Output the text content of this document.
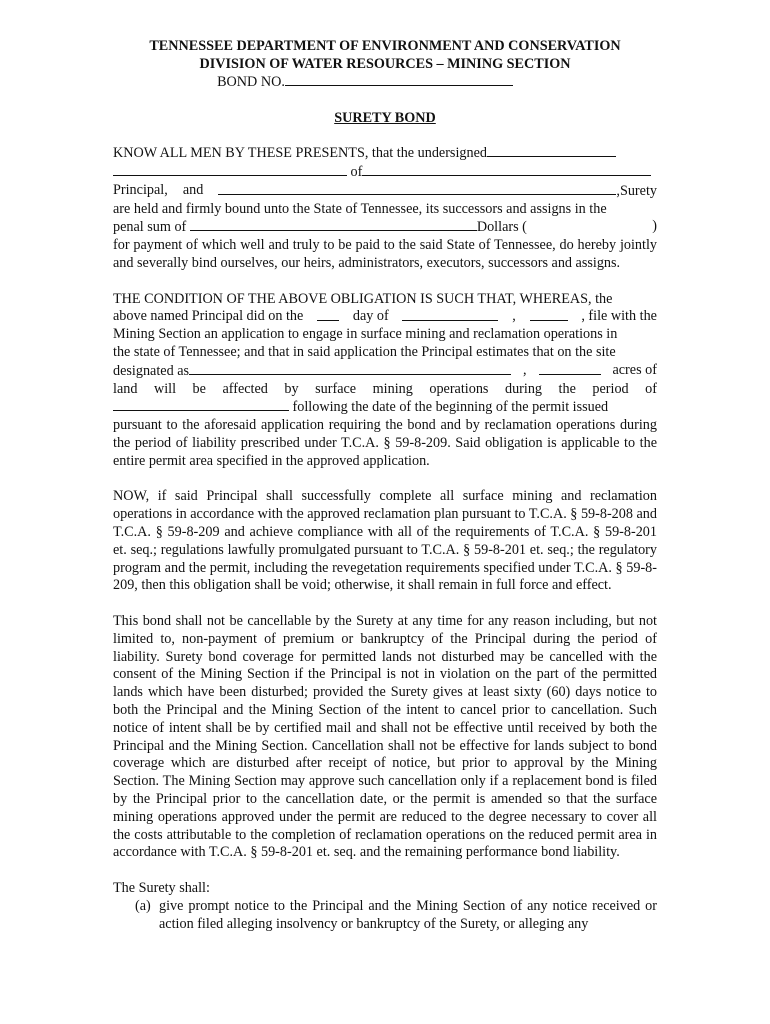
TENNESSEE DEPARTMENT OF ENVIRONMENT AND CONSERVATION
DIVISION OF WATER RESOURCES – MINING SECTION
BOND NO.
SURETY BOND

KNOW ALL MEN BY THESE PRESENTS, that the undersigned
of
Principal, and	,Surety
are held and firmly bound unto the State of Tennessee, its successors and assigns in the
penal sum of	Dollars (	)
for payment of which well and truly to be paid to the said State of Tennessee, do hereby jointly and severally bind ourselves, our heirs, administrators, executors, successors and assigns.

THE CONDITION OF THE ABOVE OBLIGATION IS SUCH THAT, WHEREAS, the
above named Principal did on the	day of	,	, file with the
Mining Section an application to engage in surface mining and reclamation operations in
the state of Tennessee; and that in said application the Principal estimates that on the site
designated as	,	acres of
land will be affected by surface mining operations during the period of
following the date of the beginning of the permit issued
pursuant to the aforesaid application requiring the bond and by reclamation operations during the period of liability prescribed under T.C.A. § 59-8-209. Said obligation is applicable to the entire permit area specified in the approved application.

NOW, if said Principal shall successfully complete all surface mining and reclamation operations in accordance with the approved reclamation plan pursuant to T.C.A. § 59-8-208 and T.C.A. § 59-8-209 and achieve compliance with all of the requirements of T.C.A. § 59-8-201 et. seq.; regulations lawfully promulgated pursuant to T.C.A. § 59-8-201 et. seq.; the regulatory program and the permit, including the revegetation requirements specified under T.C.A. § 59-8-209, then this obligation shall be void; otherwise, it shall remain in full force and effect.

This bond shall not be cancellable by the Surety at any time for any reason including, but not limited to, non-payment of premium or bankruptcy of the Principal during the period of liability. Surety bond coverage for permitted lands not disturbed may be cancelled with the consent of the Mining Section if the Principal is not in violation on the part of the permitted lands which have been disturbed; provided the Surety gives at least sixty (60) days notice to both the Principal and the Mining Section of the intent to cancel prior to cancellation. Such notice of intent shall be by certified mail and shall not be effective until received by both the Principal and the Mining Section. Cancellation shall not be effective for lands subject to bond coverage which are disturbed after receipt of notice, but prior to approval by the Mining Section. The Mining Section may approve such cancellation only if a replacement bond is filed by the Principal prior to the cancellation date, or the permit is amended so that the surface mining operations approved under the permit are reduced to the degree necessary to cover all the costs attributable to the completion of reclamation operations on the reduced permit area in accordance with T.C.A. § 59-8-201 et. seq. and the remaining performance bond liability.

The Surety shall:
(a) give prompt notice to the Principal and the Mining Section of any notice received or action filed alleging insolvency or bankruptcy of the Surety, or alleging any
